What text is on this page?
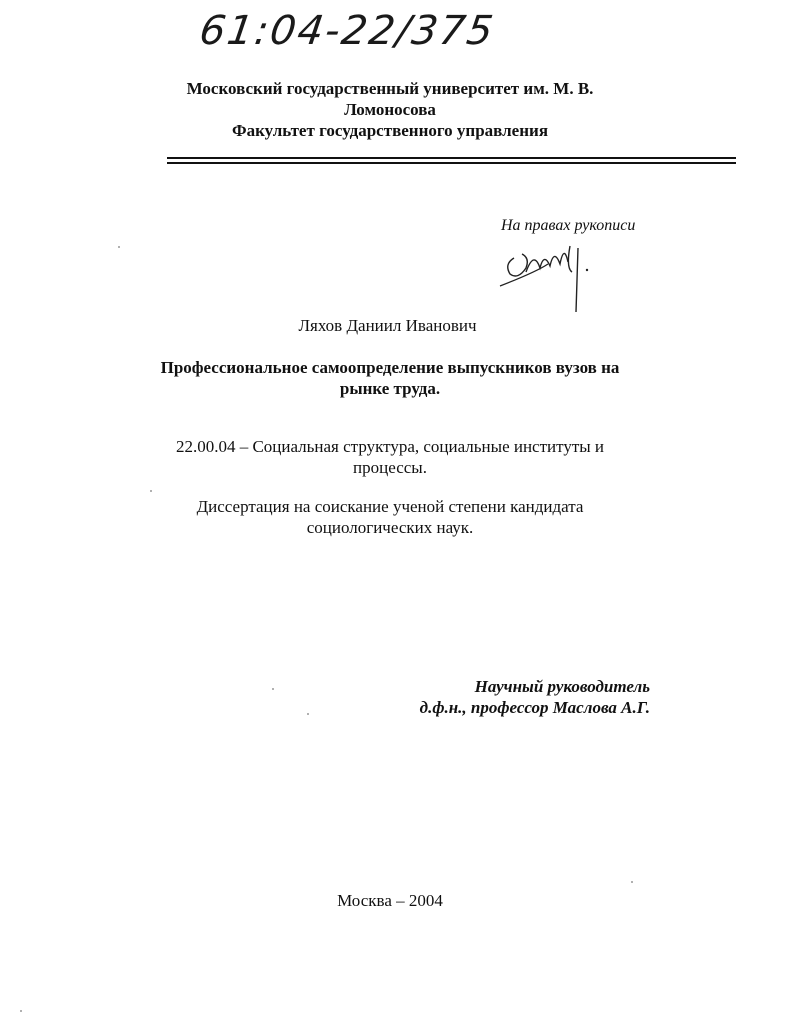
61:04-22/375
Московский государственный университет им. М. В.
Ломоносова
Факультет государственного управления
На правах рукописи
Ляхов Даниил Иванович
Профессиональное самоопределение выпускников вузов на
рынке труда.
22.00.04 – Социальная структура, социальные институты и
процессы.
Диссертация на соискание ученой степени кандидата
социологических наук.
Научный руководитель
д.ф.н., профессор Маслова А.Г.
Москва – 2004
